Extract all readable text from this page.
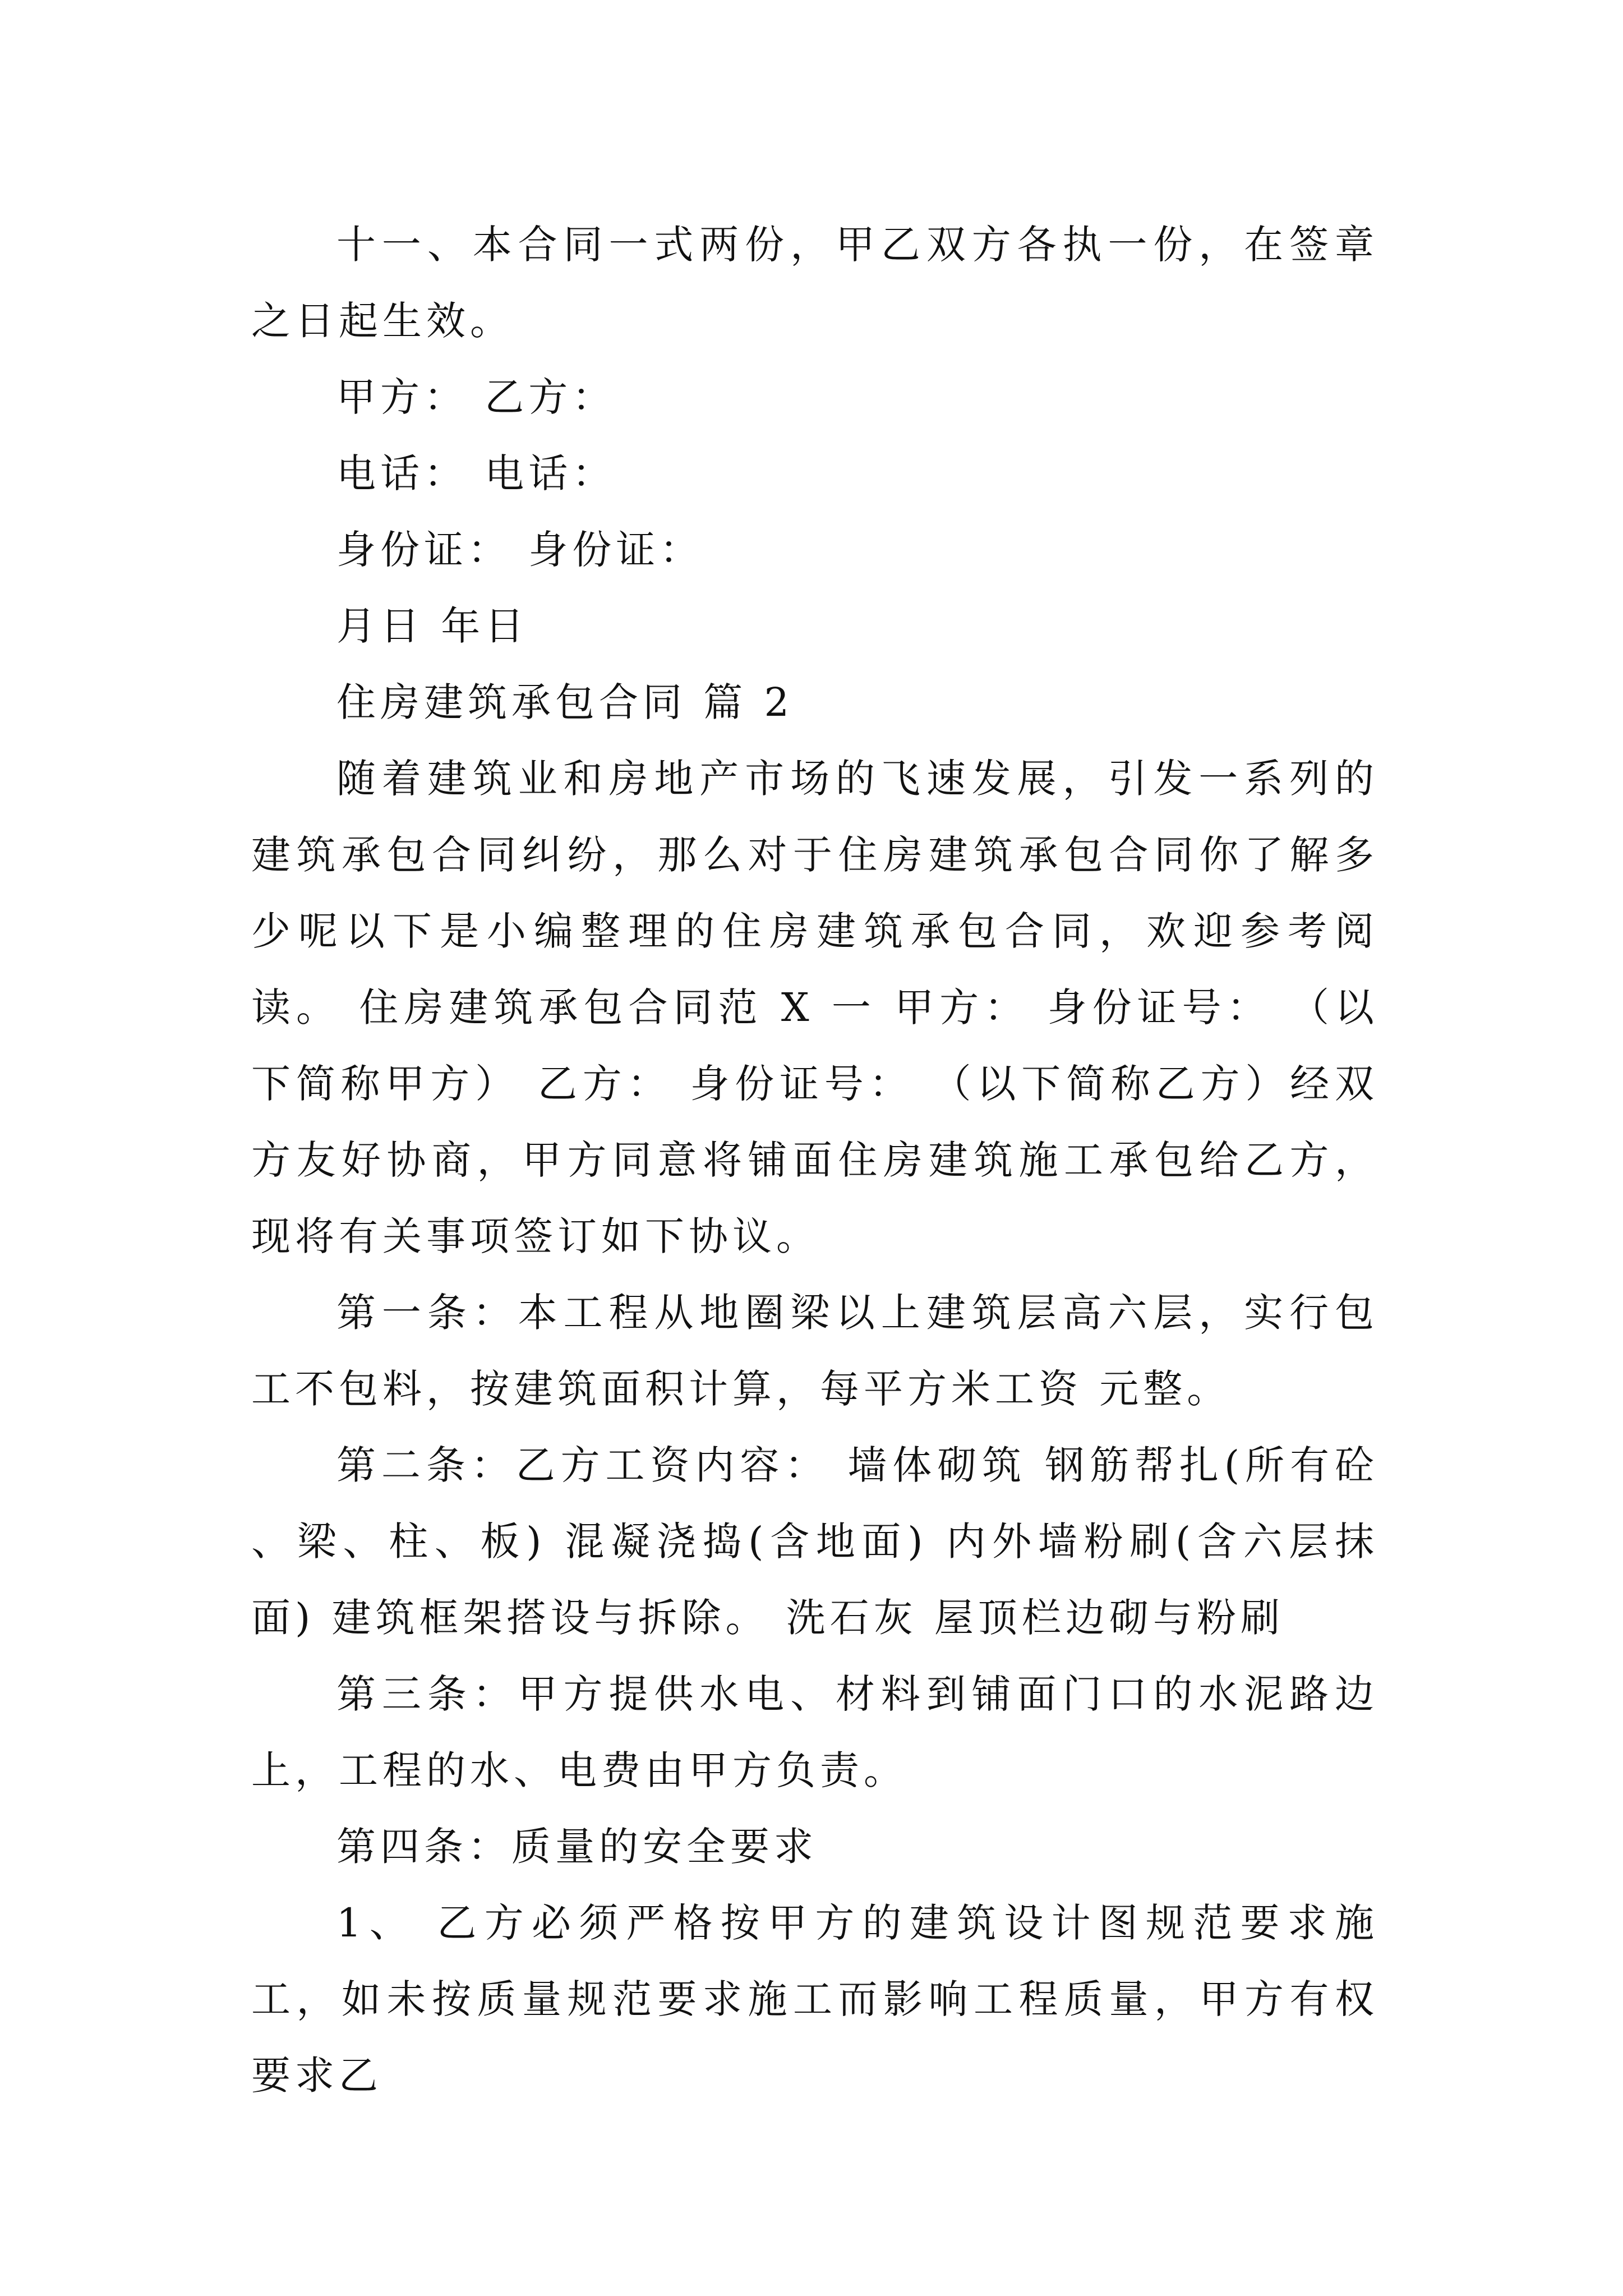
十一、本合同一式两份，甲乙双方各执一份，在签章之日起生效。

甲方： 乙方：

电话： 电话：

身份证： 身份证：

月日 年日

住房建筑承包合同 篇 2

随着建筑业和房地产市场的飞速发展，引发一系列的建筑承包合同纠纷，那么对于住房建筑承包合同你了解多少呢以下是小编整理的住房建筑承包合同，欢迎参考阅读。 住房建筑承包合同范 X 一 甲方： 身份证号： （以下简称甲方） 乙方： 身份证号： （以下简称乙方）经双方友好协商，甲方同意将铺面住房建筑施工承包给乙方，现将有关事项签订如下协议。

第一条：本工程从地圈梁以上建筑层高六层，实行包工不包料，按建筑面积计算，每平方米工资 元整。

第二条：乙方工资内容： 墙体砌筑 钢筋帮扎(所有砼 、梁、柱、板) 混凝浇捣(含地面) 内外墙粉刷(含六层抹面) 建筑框架搭设与拆除。 洗石灰 屋顶栏边砌与粉刷

第三条：甲方提供水电、材料到铺面门口的水泥路边上，工程的水、电费由甲方负责。

第四条：质量的安全要求

1、 乙方必须严格按甲方的建筑设计图规范要求施工，如未按质量规范要求施工而影响工程质量，甲方有权要求乙
